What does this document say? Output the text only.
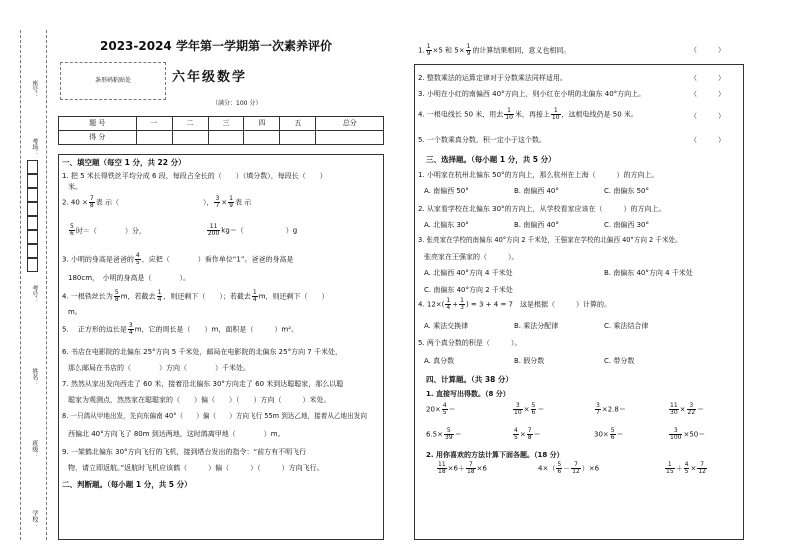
座号：
考场：
考号：
姓名：
班级：
学校：
2023-2024 学年第一学期第一次素养评价
条形码粘贴处	六年级数学
（满分：100 分）
题 号	一	二	三	四	五	总分
得 分						
一、填空题（每空 1 分，共 22 分）
1. 把 5 米长得铁丝平均分成 6 段，每段占全长的（　　）（填分数），每段长（　　）
米。
2. $40 \times \frac{7}{8}$ 表 示（　　　　　　　　　　　　）， $\frac{3}{7} \times \frac{1}{9}$ 表 示
$\frac{5}{6}$ 时＝（　　　　）分，	$\frac{11}{200} kg=$（　　　　　　）g
3. 小明的身高是爸爸的 $\frac{4}{5}$ ，应把（　　　　）看作单位“1”。爸爸的身高是
180cm，　小明的身高是（　　　　）。
4. 一根铁丝长为 $\frac{5}{8}$ m，若截去 $\frac{1}{4}$ ，则还剩下（　　）；若截去 $\frac{1}{4}$ m，则还剩下（　　）
m。
5. 　正方形的边长是 $\frac{3}{4}$ m，它的周长是（　　）m，面积是（　　　）m²。
6. 书店在电影院的北偏东 25°方向 5 千米处，邮局在电影院的北偏东 25°方向 7 千米处，
那么邮局在书店的（　　　　）方向（　　　　）千米处。
7. 然然从家出发向西走了 60 米，接着沿北偏东 30°方向走了 60 米到达聪聪家，那么以聪
聪家为观测点，然然家在聪聪家的（　　）偏（　　）（　　）方向（　　　）米处。
8. 一只鸽从甲地出发，先向东偏南 40°（　　）偏（　　）方向飞行 55m 到达乙地，接着从乙地出发向
西偏北 40°方向飞了 80m 到达两地，这时鸽离甲地（　　　　）m。
9. 一架鹤北偏东 30°方向飞行的飞机，接到塔台发出的指令：“前方有不明飞行
物，请立即返航。”返航时飞机应该鹤（　　　）偏（　　　）（　　　）方向飞行。
二、判断题。（每小题 1 分，共 5 分）
1. $\frac{1}{9} \times 5$ 和 $5\times \frac{1}{9}$ 的计算结果相同，意义也相同。	（　　　）
2. 整数乘法的运算定律对于分数乘法同样适用。	（　　　）
3. 小明在小红的南偏西 40°方向上，则小红在小明的北偏东 40°方向上。	（　　　）
4. 一根电线长 50 米，用去 $\frac{1}{10}$ 米，再接上 $\frac{1}{10}$ ，这根电线仍是 50 米。	（　　　）
5. 一个数乘真分数，积一定小于这个数。	（　　　）
三、选择题。（每小题 1 分，共 5 分）
1. 小明家在杭州北偏东 50°的方向上，那么杭州在上海（　　　）的方向上。
A. 南偏西 50°	B. 南偏西 40°	C. 南偏东 50°
2. 从家看学校在北偏东 30°的方向上，从学校看家应该在（　　　）的方向上。
A. 北偏东 30°	B. 南偏西 40°	C. 南偏西 30°
3. 张亮家在学校的南偏东 40°方向 2 千米处，王强家在学校的北偏西 40°方向 2 千米处。
张亮家在王强家的（　　　）。
A. 北偏西 40°方向 4 千米处	B. 南偏东 40°方向 4 千米处
C. 南偏东 40°方向 2 千米处
4. $12\times( \frac{1}{4} + \frac{1}{3}$ ) = 3 + 4 = 7　这是根据（　　　）计算的。
A. 乘法交换律	B. 乘法分配律	C. 乘法结合律
5. 两个真分数的积是（　　　）。
A. 真分数	B. 假分数	C. 带分数
四、计算题。（共 38 分）
1. 直接写出得数。（8 分）
$20\times \frac{4}{5}$ ＝	$\frac{3}{10} \times \frac{5}{6}$ ＝	$\frac{3}{7} \times 2.8=$	$\frac{11}{30} \times \frac{3}{22}$ ＝
$6.5\times \frac{5}{39}$ ＝	$\frac{4}{5} \times \frac{7}{8}$ ＝	$30\times \frac{5}{6}$ ＝	$\frac{3}{100} \times 50=$
2. 用你喜欢的方法计算下面各题。（18 分）
$\frac{11}{18} \times 6+ \frac{7}{18} \times 6$	$4\times( \frac{5}{6} - \frac{7}{12} )\times 6$	$\frac{1}{15} + \frac{4}{5} \times \frac{7}{12}$
